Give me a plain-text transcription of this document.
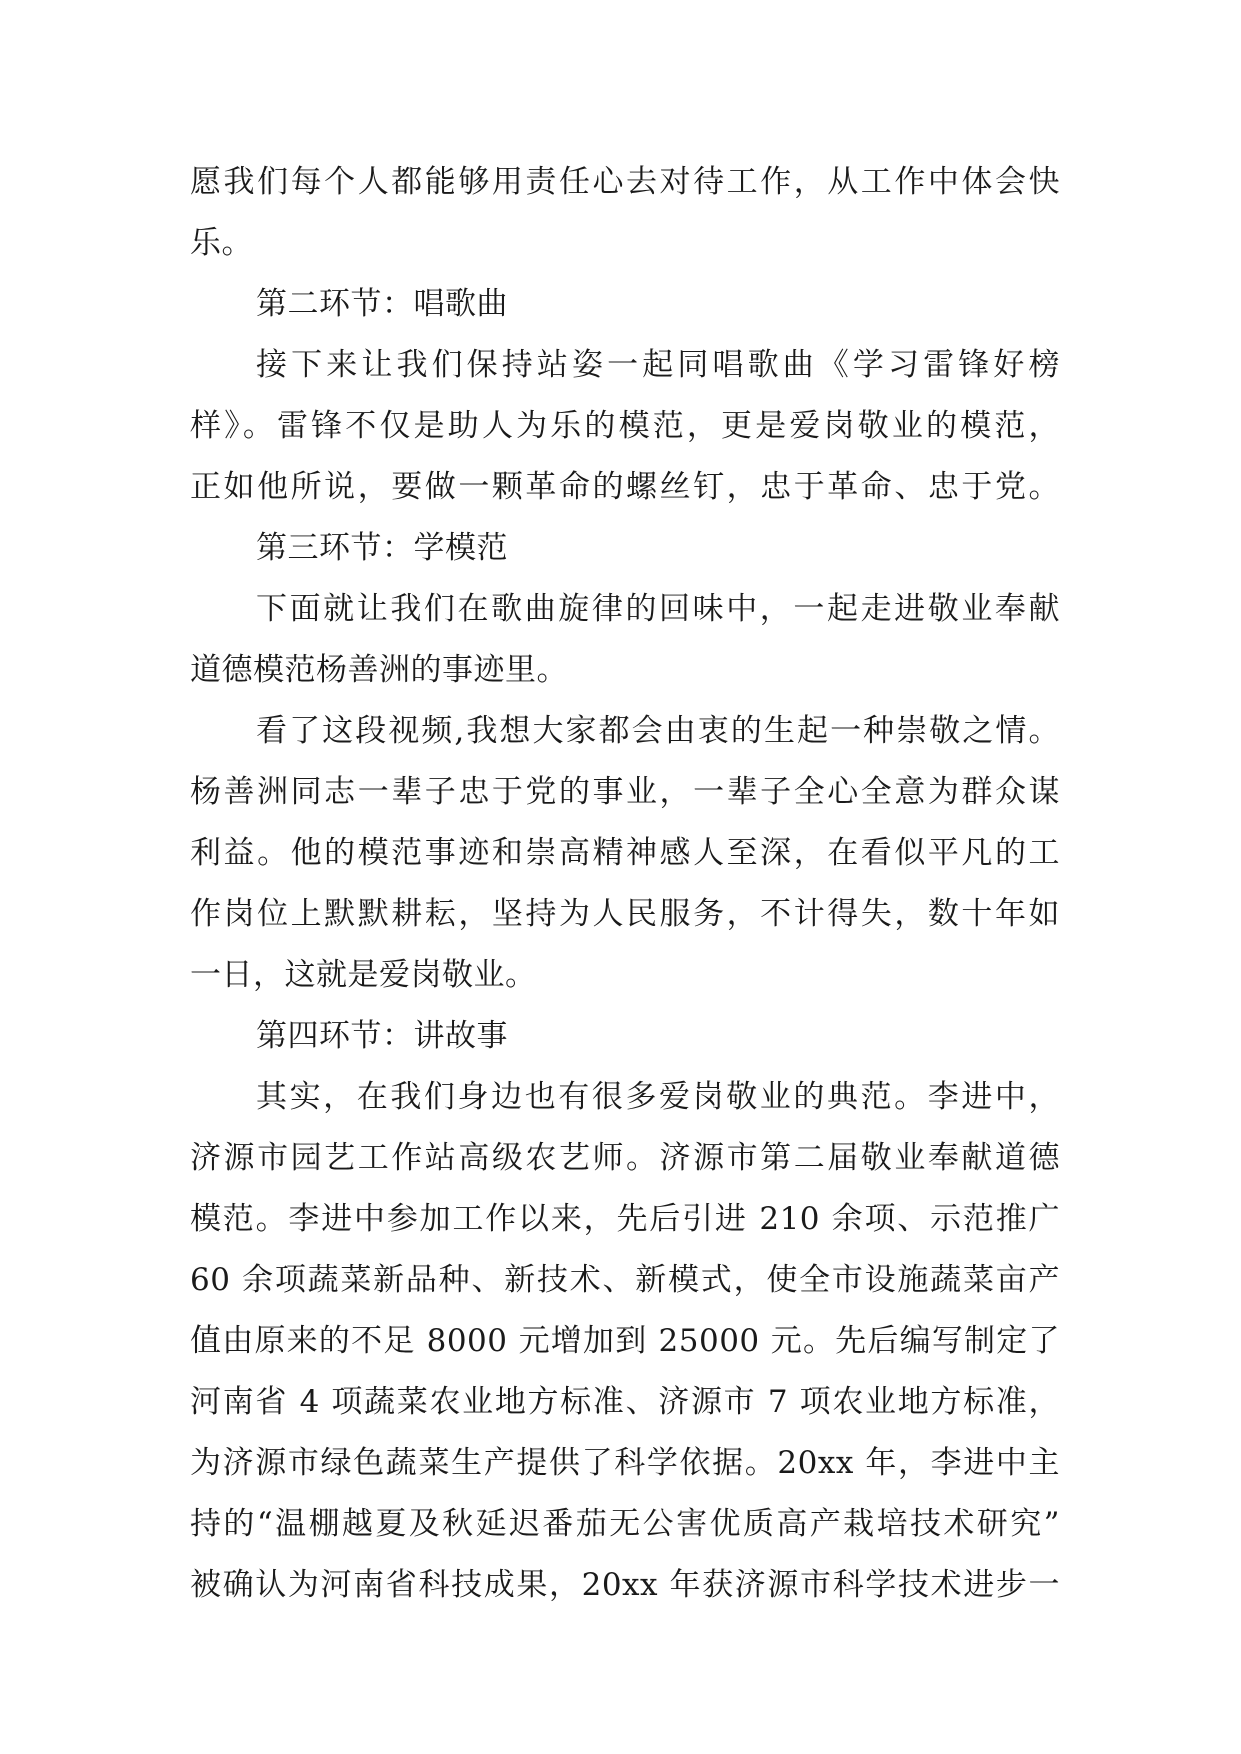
愿我们每个人都能够用责任心去对待工作，从工作中体会快
乐。
第二环节：唱歌曲
接下来让我们保持站姿一起同唱歌曲《学习雷锋好榜
样》。雷锋不仅是助人为乐的模范，更是爱岗敬业的模范，
正如他所说，要做一颗革命的螺丝钉，忠于革命、忠于党。
第三环节：学模范
下面就让我们在歌曲旋律的回味中，一起走进敬业奉献
道德模范杨善洲的事迹里。
看了这段视频,我想大家都会由衷的生起一种崇敬之情。
杨善洲同志一辈子忠于党的事业，一辈子全心全意为群众谋
利益。他的模范事迹和崇高精神感人至深，在看似平凡的工
作岗位上默默耕耘，坚持为人民服务，不计得失，数十年如
一日，这就是爱岗敬业。
第四环节：讲故事
其实，在我们身边也有很多爱岗敬业的典范。李进中，
济源市园艺工作站高级农艺师。济源市第二届敬业奉献道德
模范。李进中参加工作以来，先后引进 210 余项、示范推广
60 余项蔬菜新品种、新技术、新模式，使全市设施蔬菜亩产
值由原来的不足 8000 元增加到 25000 元。先后编写制定了
河南省 4 项蔬菜农业地方标准、济源市 7 项农业地方标准，
为济源市绿色蔬菜生产提供了科学依据。20xx 年，李进中主
持的“温棚越夏及秋延迟番茄无公害优质高产栽培技术研究”
被确认为河南省科技成果，20xx 年获济源市科学技术进步一
